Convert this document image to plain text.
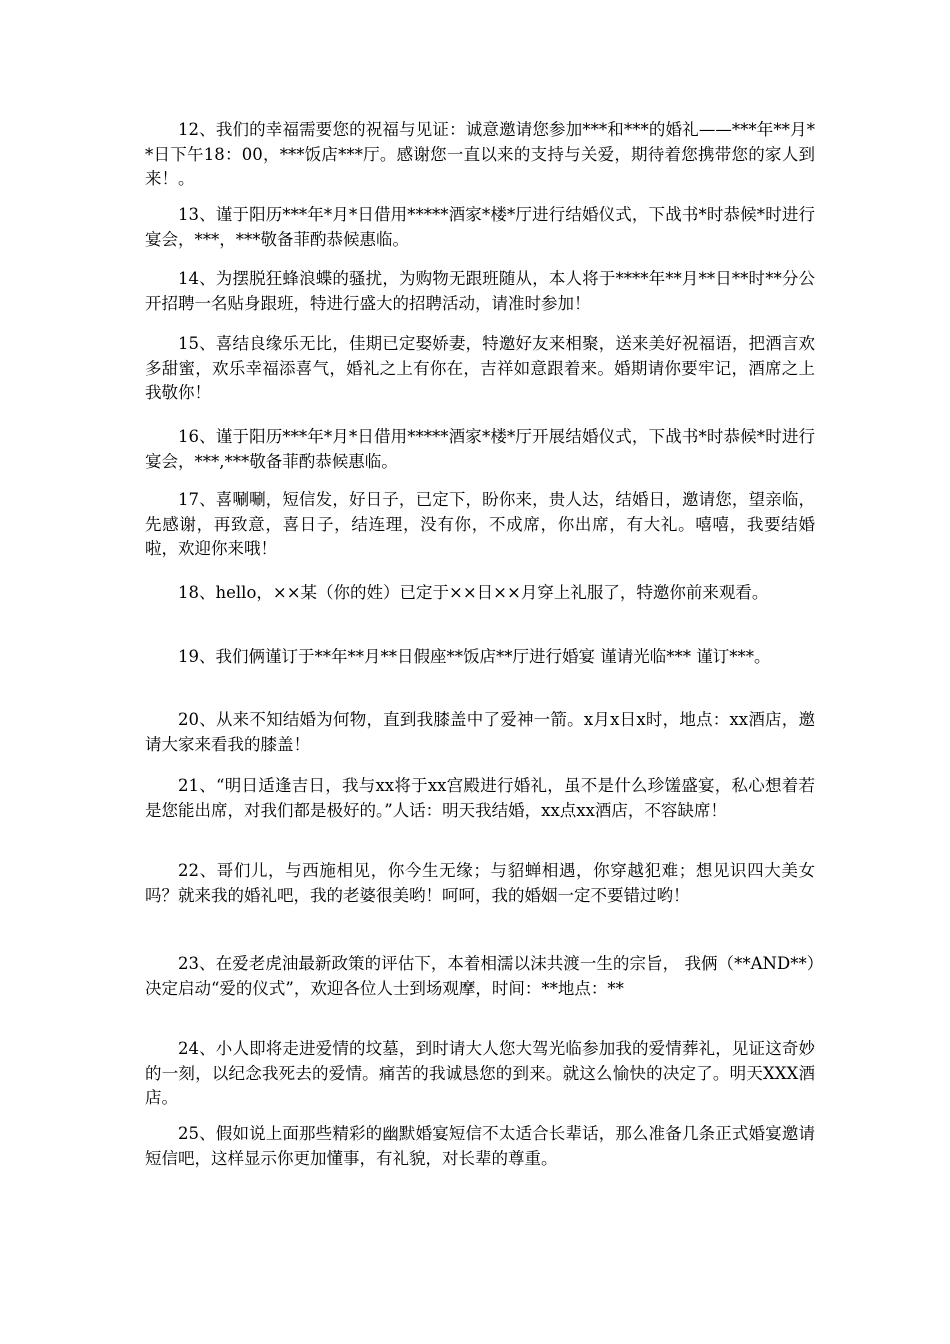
12、我们的幸福需要您的祝福与见证：诚意邀请您参加***和***的婚礼——***年**月**日下午18：00，***饭店***厅。感谢您一直以来的支持与关爱，期待着您携带您的家人到来！。

13、谨于阳历***年*月*日借用*****酒家*楼*厅进行结婚仪式，下战书*时恭候*时进行宴会，***，***敬备菲酌恭候惠临。

14、为摆脱狂蜂浪蝶的骚扰，为购物无跟班随从，本人将于****年**月**日**时**分公开招聘一名贴身跟班，特进行盛大的招聘活动，请准时参加！

15、喜结良缘乐无比，佳期已定娶娇妻，特邀好友来相聚，送来美好祝福语，把酒言欢多甜蜜，欢乐幸福添喜气，婚礼之上有你在，吉祥如意跟着来。婚期请你要牢记，酒席之上我敬你！

16、谨于阳历***年*月*日借用*****酒家*楼*厅开展结婚仪式，下战书*时恭候*时进行宴会，***,***敬备菲酌恭候惠临。

17、喜唰唰，短信发，好日子，已定下，盼你来，贵人达，结婚日，邀请您，望亲临，先感谢，再致意，喜日子，结连理，没有你，不成席，你出席，有大礼。嘻嘻，我要结婚啦，欢迎你来哦！

18、hello，××某（你的姓）已定于××日××月穿上礼服了，特邀你前来观看。

19、我们俩谨订于**年**月**日假座**饭店**厅进行婚宴 谨请光临*** 谨订***。

20、从来不知结婚为何物，直到我膝盖中了爱神一箭。x月x日x时，地点：xx酒店，邀请大家来看我的膝盖！

21、“明日适逢吉日，我与xx将于xx宫殿进行婚礼，虽不是什么珍馐盛宴，私心想着若是您能出席，对我们都是极好的。”人话：明天我结婚，xx点xx酒店，不容缺席！

22、哥们儿，与西施相见，你今生无缘；与貂蝉相遇，你穿越犯难；想见识四大美女吗？就来我的婚礼吧，我的老婆很美哟！呵呵，我的婚姻一定不要错过哟！

23、在爱老虎油最新政策的评估下，本着相濡以沫共渡一生的宗旨， 我俩（**AND**）决定启动“爱的仪式”，欢迎各位人士到场观摩，时间：**地点：**

24、小人即将走进爱情的坟墓，到时请大人您大驾光临参加我的爱情葬礼，见证这奇妙的一刻，以纪念我死去的爱情。痛苦的我诚恳您的到来。就这么愉快的决定了。明天XXX酒店。

25、假如说上面那些精彩的幽默婚宴短信不太适合长辈话，那么准备几条正式婚宴邀请短信吧，这样显示你更加懂事，有礼貌，对长辈的尊重。
